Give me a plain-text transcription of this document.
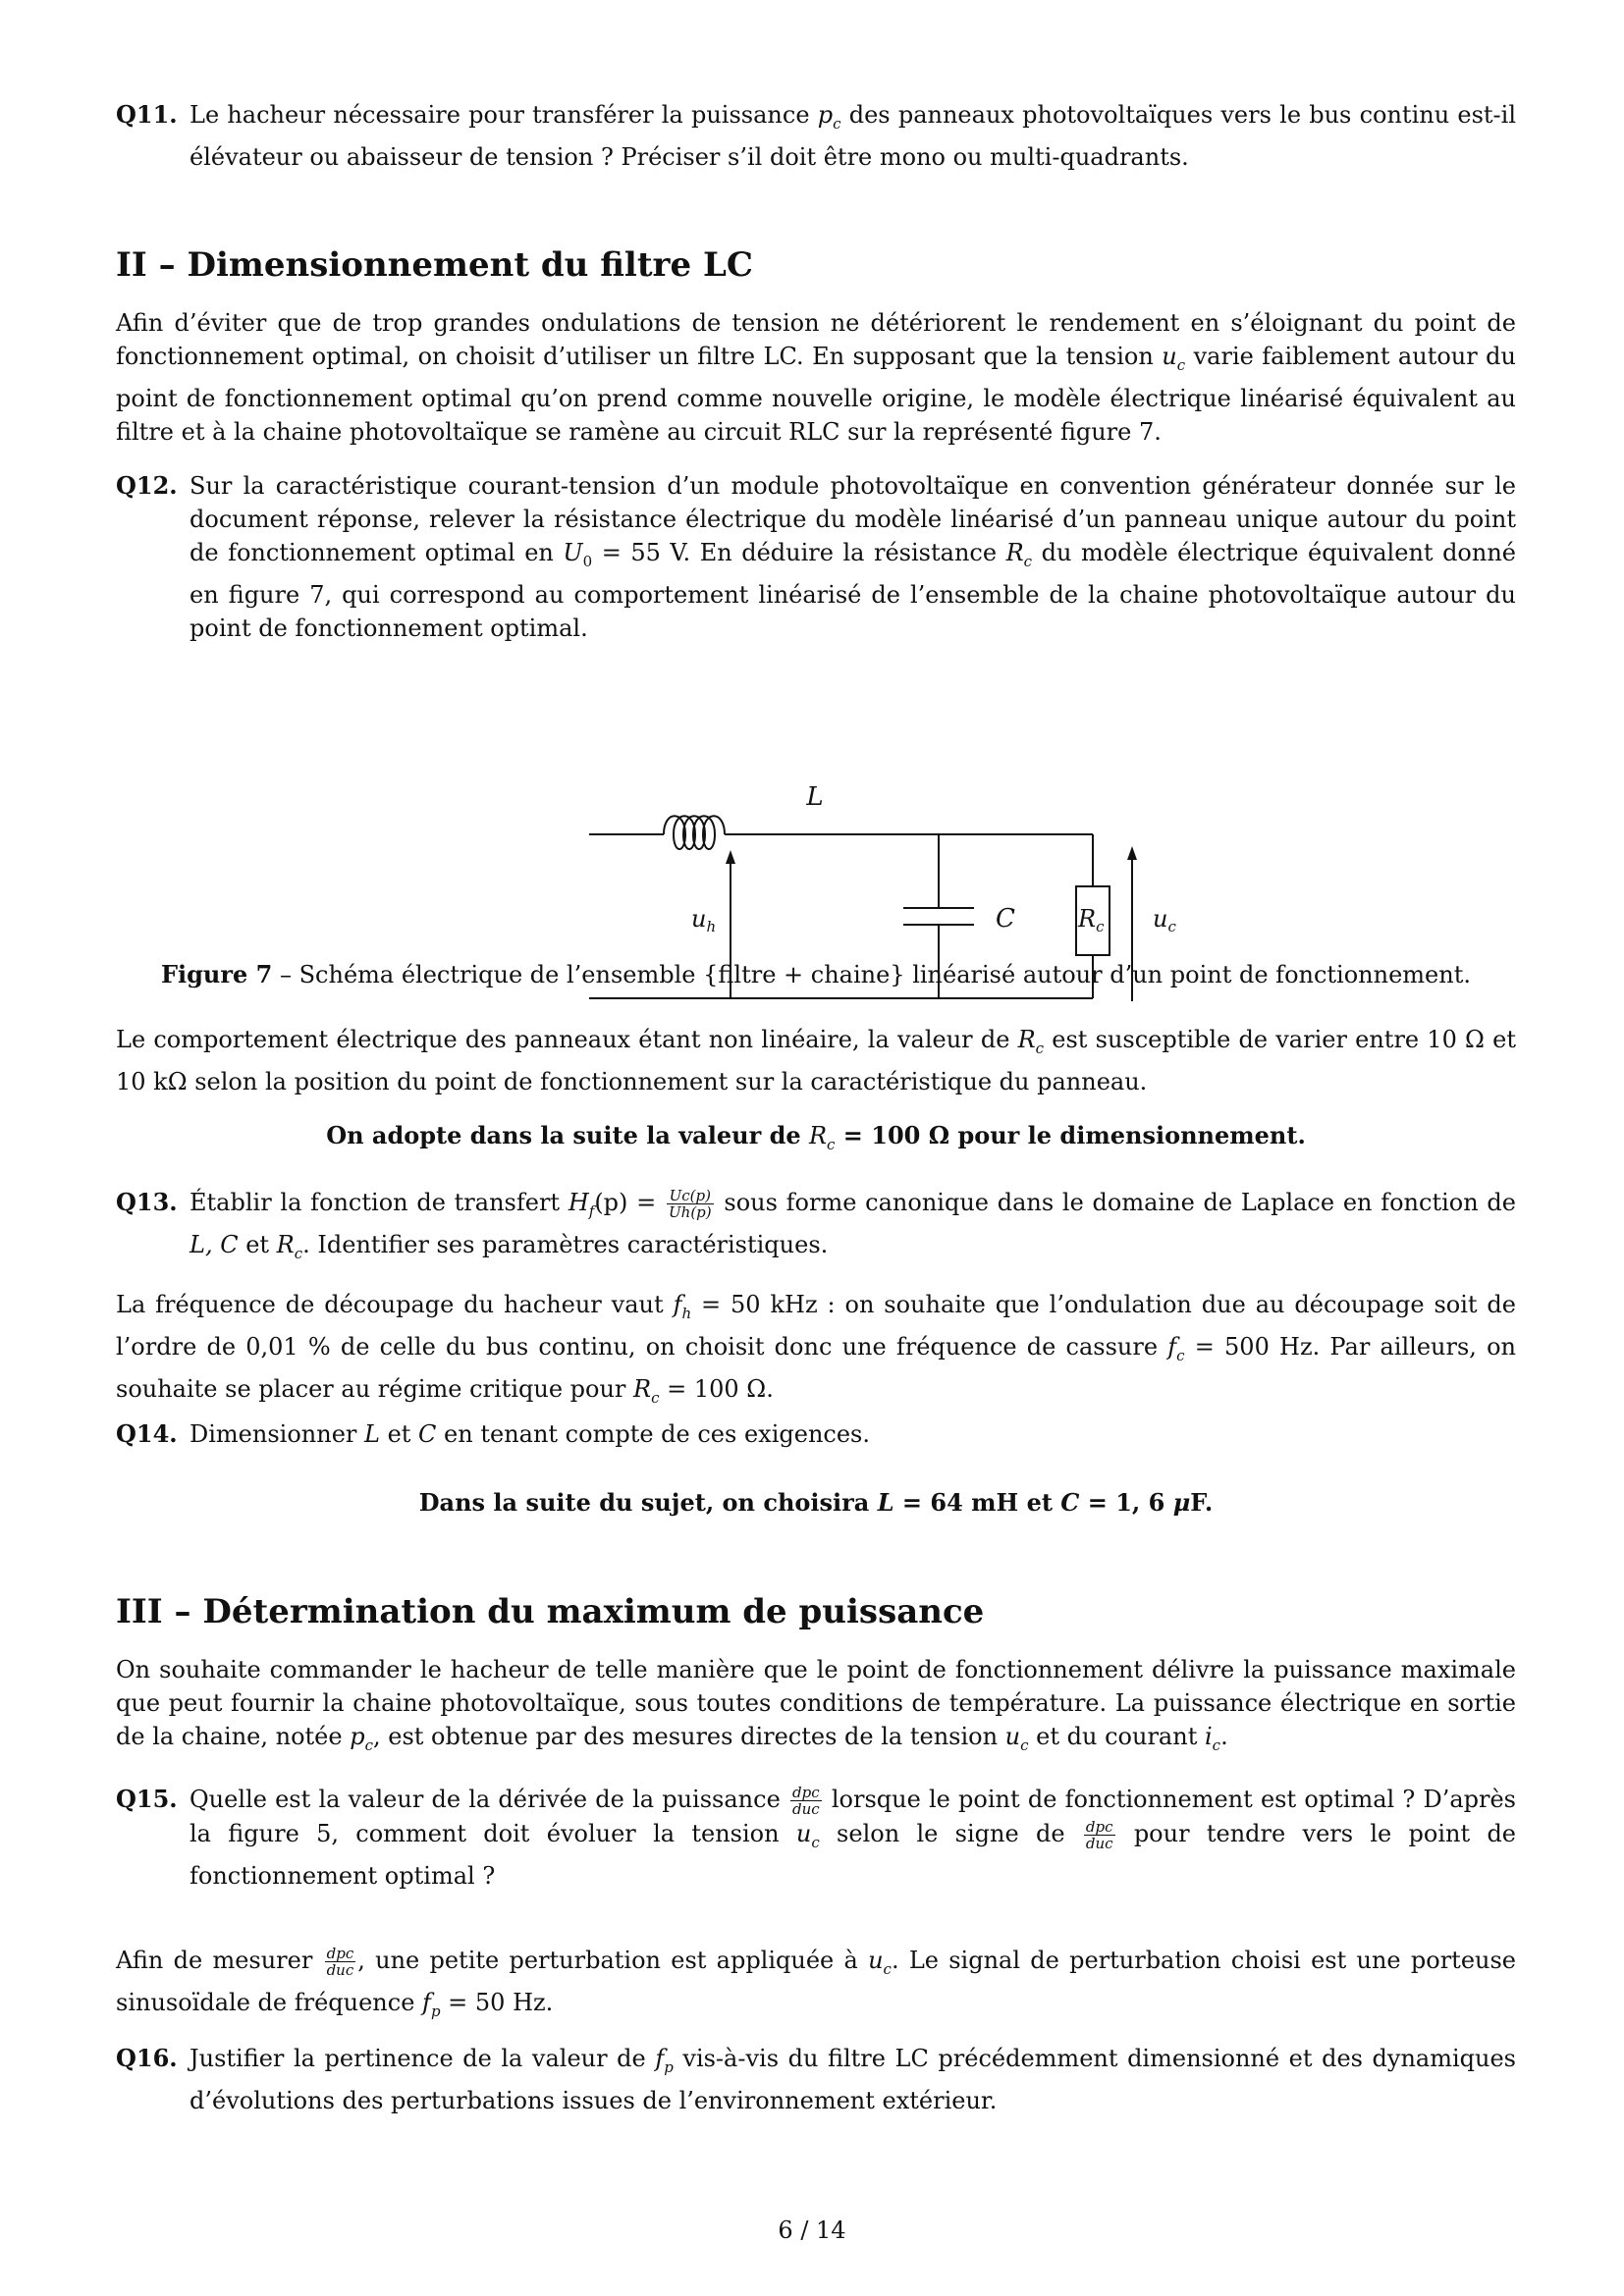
Q11. Le hacheur nécessaire pour transférer la puissance $p_c$ des panneaux photovoltaïques vers le bus continu est-il élévateur ou abaisseur de tension ? Préciser s’il doit être mono ou multi-quadrants.
II – Dimensionnement du filtre LC

Afin d’éviter que de trop grandes ondulations de tension ne détériorent le rendement en s’éloignant du point de fonctionnement optimal, on choisit d’utiliser un filtre LC. En supposant que la tension $u_c$ varie faiblement autour du point de fonctionnement optimal qu’on prend comme nouvelle origine, le modèle électrique linéarisé équivalent au filtre et à la chaine photovoltaïque se ramène au circuit RLC sur la représenté figure 7.

Q12. Sur la caractéristique courant-tension d’un module photovoltaïque en convention générateur donnée sur le document réponse, relever la résistance électrique du modèle linéarisé d’un panneau unique autour du point de fonctionnement optimal en $U_0 = 55$ V. En déduire la résistance $R_c$ du modèle électrique équivalent donné en figure 7, qui correspond au comportement linéarisé de l’ensemble de la chaine photovoltaïque autour du point de fonctionnement optimal.
L
$u_h$	C	$R_c$ $u_c$

Figure 7 – Schéma électrique de l’ensemble {filtre + chaine} linéarisé autour d’un point de fonctionnement.

Le comportement électrique des panneaux étant non linéaire, la valeur de $R_c$ est susceptible de varier entre 10 Ω et 10 kΩ selon la position du point de fonctionnement sur la caractéristique du panneau.

On adopte dans la suite la valeur de $R_c = 100$ Ω pour le dimensionnement.

Q13. Établir la fonction de transfert $H_f(p) = \frac{Uc(p)}{Uh(p)}$ sous forme canonique dans le domaine de Laplace en fonction de L, C et $R_c$. Identifier ses paramètres caractéristiques.

La fréquence de découpage du hacheur vaut $f_h = 50$ kHz : on souhaite que l’ondulation due au découpage soit de l’ordre de 0,01 % de celle du bus continu, on choisit donc une fréquence de cassure $f_c = 500$ Hz. Par ailleurs, on souhaite se placer au régime critique pour $R_c = 100$ Ω.

Q14. Dimensionner L et C en tenant compte de ces exigences.

Dans la suite du sujet, on choisira L = 64 mH et C = 1, 6 μF.

III – Détermination du maximum de puissance

On souhaite commander le hacheur de telle manière que le point de fonctionnement délivre la puissance maximale que peut fournir la chaine photovoltaïque, sous toutes conditions de température. La puissance électrique en sortie de la chaine, notée $p_c$, est obtenue par des mesures directes de la tension $u_c$ et du courant $i_c$.

Q15. Quelle est la valeur de la dérivée de la puissance $\frac{\text{dpc}}{\text{duc}}$ lorsque le point de fonctionnement est optimal ? D’après la figure 5, comment doit évoluer la tension $u_c$ selon le signe de $\frac{\text{dpc}}{\text{duc}}$ pour tendre vers le point de fonctionnement optimal ?

Afin de mesurer $\frac{\text{dpc}}{\text{duc}}$ , une petite perturbation est appliquée à $u_c$. Le signal de perturbation choisi est une porteuse sinusoïdale de fréquence $f_p = 50$ Hz.

Q16. Justifier la pertinence de la valeur de $f_p$ vis-à-vis du filtre LC précédemment dimensionné et des dynamiques d’évolutions des perturbations issues de l’environnement extérieur.
6 / 14
